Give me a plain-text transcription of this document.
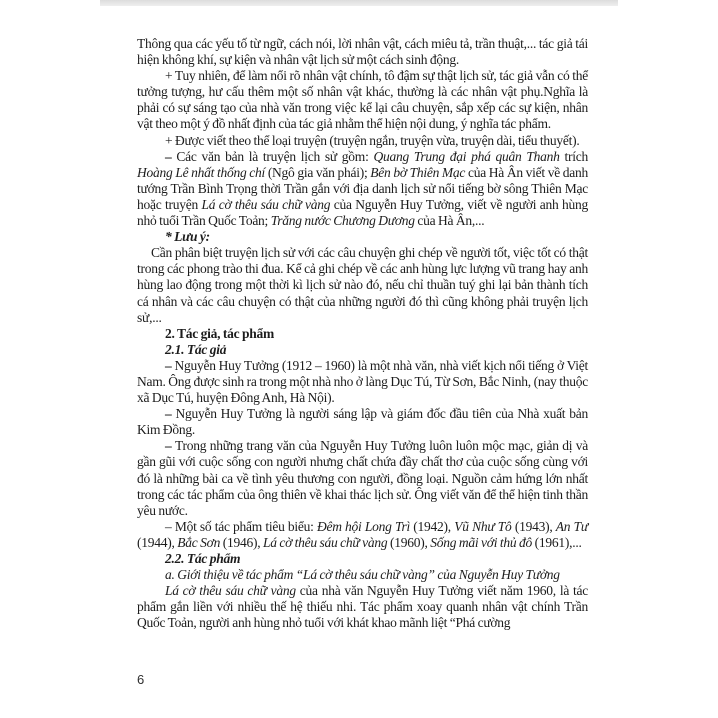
Thông qua các yếu tố từ ngữ, cách nói, lời nhân vật, cách miêu tả, trần thuật,... tác giả tái hiện không khí, sự kiện và nhân vật lịch sử một cách sinh động.

+ Tuy nhiên, để làm nổi rõ nhân vật chính, tô đậm sự thật lịch sử, tác giả vẫn có thể tưởng tượng, hư cấu thêm một số nhân vật khác, thường là các nhân vật phụ.Nghĩa là phải có sự sáng tạo của nhà văn trong việc kể lại câu chuyện, sắp xếp các sự kiện, nhân vật theo một ý đồ nhất định của tác giả nhằm thể hiện nội dung, ý nghĩa tác phẩm.

+ Được viết theo thể loại truyện (truyện ngắn, truyện vừa, truyện dài, tiểu thuyết).

– Các văn bản là truyện lịch sử gồm: Quang Trung đại phá quân Thanh trích Hoàng Lê nhất thống chí (Ngô gia văn phái); Bên bờ Thiên Mạc của Hà Ân viết về danh tướng Trần Bình Trọng thời Trần gắn với địa danh lịch sử nổi tiếng bờ sông Thiên Mạc hoặc truyện Lá cờ thêu sáu chữ vàng của Nguyễn Huy Tưởng, viết về người anh hùng nhỏ tuổi Trần Quốc Toản; Trăng nước Chương Dương của Hà Ân,...

* Lưu ý:

Cần phân biệt truyện lịch sử với các câu chuyện ghi chép về người tốt, việc tốt có thật trong các phong trào thi đua. Kể cả ghi chép về các anh hùng lực lượng vũ trang hay anh hùng lao động trong một thời kì lịch sử nào đó, nếu chỉ thuần tuý ghi lại bản thành tích cá nhân và các câu chuyện có thật của những người đó thì cũng không phải truyện lịch sử,...

2. Tác giả, tác phẩm

2.1. Tác giả

– Nguyễn Huy Tưởng (1912 – 1960) là một nhà văn, nhà viết kịch nổi tiếng ở Việt Nam. Ông được sinh ra trong một nhà nho ở làng Dục Tú, Từ Sơn, Bắc Ninh, (nay thuộc xã Dục Tú, huyện Đông Anh, Hà Nội).

– Nguyễn Huy Tưởng là người sáng lập và giám đốc đầu tiên của Nhà xuất bản Kim Đồng.

– Trong những trang văn của Nguyễn Huy Tưởng luôn luôn mộc mạc, giản dị và gần gũi với cuộc sống con người nhưng chất chứa đầy chất thơ của cuộc sống cùng với đó là những bài ca về tình yêu thương con người, đồng loại. Nguồn cảm hứng lớn nhất trong các tác phẩm của ông thiên về khai thác lịch sử. Ông viết văn để thể hiện tinh thần yêu nước.

– Một số tác phẩm tiêu biểu: Đêm hội Long Trì (1942), Vũ Như Tô (1943), An Tư (1944), Bắc Sơn (1946), Lá cờ thêu sáu chữ vàng (1960), Sống mãi với thủ đô (1961),...

2.2. Tác phẩm

a. Giới thiệu về tác phẩm “Lá cờ thêu sáu chữ vàng” của Nguyễn Huy Tưởng

Lá cờ thêu sáu chữ vàng của nhà văn Nguyễn Huy Tưởng viết năm 1960, là tác phẩm gắn liền với nhiều thế hệ thiếu nhi. Tác phẩm xoay quanh nhân vật chính Trần Quốc Toản, người anh hùng nhỏ tuổi với khát khao mãnh liệt “Phá cường

6
